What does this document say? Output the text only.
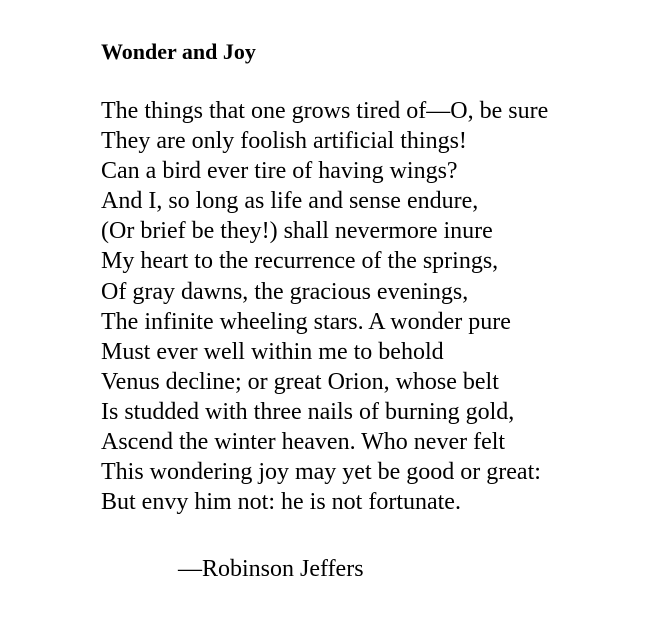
Wonder and Joy
The things that one grows tired of—O, be sure
They are only foolish artificial things!
Can a bird ever tire of having wings?
And I, so long as life and sense endure,
(Or brief be they!) shall nevermore inure
My heart to the recurrence of the springs,
Of gray dawns, the gracious evenings,
The infinite wheeling stars. A wonder pure
Must ever well within me to behold
Venus decline; or great Orion, whose belt
Is studded with three nails of burning gold,
Ascend the winter heaven. Who never felt
This wondering joy may yet be good or great:
But envy him not: he is not fortunate.

—Robinson Jeffers
